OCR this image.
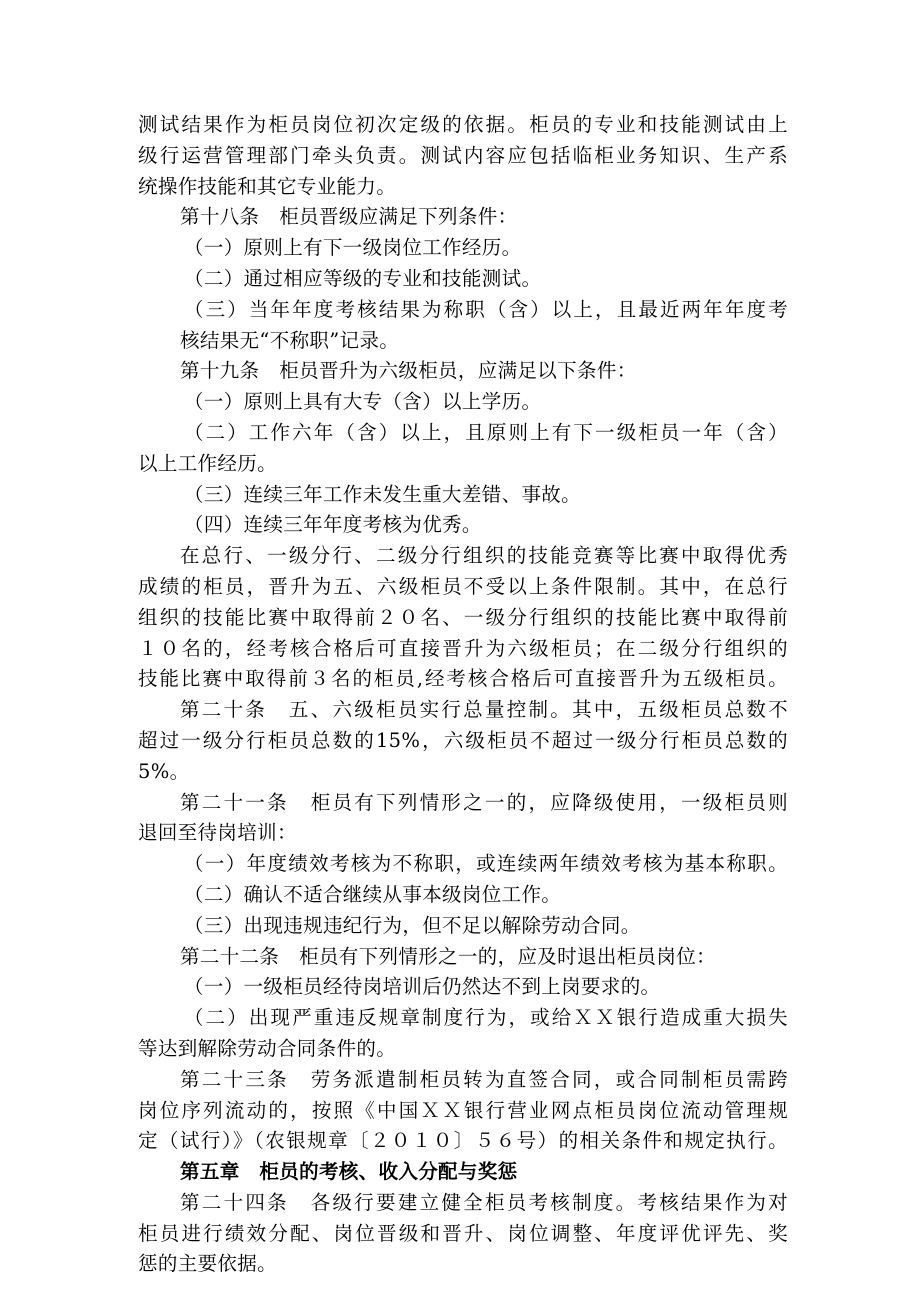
测试结果作为柜员岗位初次定级的依据。柜员的专业和技能测试由上
级行运营管理部门牵头负责。测试内容应包括临柜业务知识、生产系
统操作技能和其它专业能力。
第十八条　柜员晋级应满足下列条件：
（一）原则上有下一级岗位工作经历。
（二）通过相应等级的专业和技能测试。
（三）当年年度考核结果为称职（含）以上，且最近两年年度考
核结果无“不称职”记录。
第十九条　柜员晋升为六级柜员，应满足以下条件：
（一）原则上具有大专（含）以上学历。
（二）工作六年（含）以上，且原则上有下一级柜员一年（含）
以上工作经历。
（三）连续三年工作未发生重大差错、事故。
（四）连续三年年度考核为优秀。
在总行、一级分行、二级分行组织的技能竞赛等比赛中取得优秀
成绩的柜员，晋升为五、六级柜员不受以上条件限制。其中，在总行
组织的技能比赛中取得前２０名、一级分行组织的技能比赛中取得前
１０名的，经考核合格后可直接晋升为六级柜员；在二级分行组织的
技能比赛中取得前３名的柜员,经考核合格后可直接晋升为五级柜员。
第二十条　五、六级柜员实行总量控制。其中，五级柜员总数不
超过一级分行柜员总数的15%，六级柜员不超过一级分行柜员总数的
5%。
第二十一条　柜员有下列情形之一的，应降级使用，一级柜员则
退回至待岗培训：
（一）年度绩效考核为不称职，或连续两年绩效考核为基本称职。
（二）确认不适合继续从事本级岗位工作。
（三）出现违规违纪行为，但不足以解除劳动合同。
第二十二条　柜员有下列情形之一的，应及时退出柜员岗位：
（一）一级柜员经待岗培训后仍然达不到上岗要求的。
（二）出现严重违反规章制度行为，或给ＸＸ银行造成重大损失
等达到解除劳动合同条件的。
第二十三条　劳务派遣制柜员转为直签合同，或合同制柜员需跨
岗位序列流动的，按照《中国ＸＸ银行营业网点柜员岗位流动管理规
定（试行）》（农银规章〔２０１０〕５６号）的相关条件和规定执行。
第五章　柜员的考核、收入分配与奖惩
第二十四条　各级行要建立健全柜员考核制度。考核结果作为对
柜员进行绩效分配、岗位晋级和晋升、岗位调整、年度评优评先、奖
惩的主要依据。
